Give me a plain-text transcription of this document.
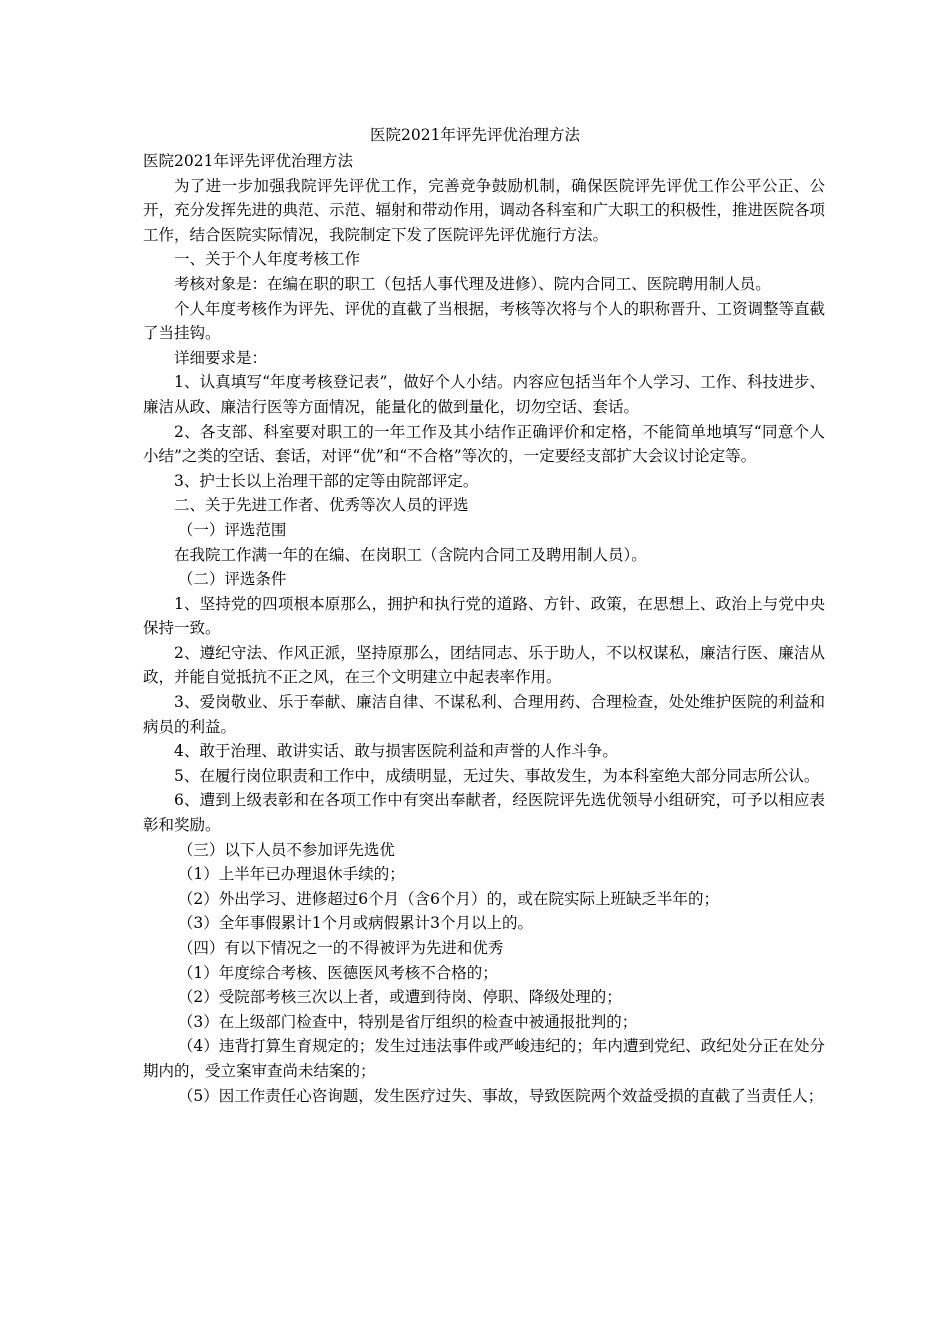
医院2021年评先评优治理方法

医院2021年评先评优治理方法

为了进一步加强我院评先评优工作，完善竞争鼓励机制，确保医院评先评优工作公平公正、公开，充分发挥先进的典范、示范、辐射和带动作用，调动各科室和广大职工的积极性，推进医院各项工作，结合医院实际情况，我院制定下发了医院评先评优施行方法。

一、关于个人年度考核工作

考核对象是：在编在职的职工（包括人事代理及进修）、院内合同工、医院聘用制人员。

个人年度考核作为评先、评优的直截了当根据，考核等次将与个人的职称晋升、工资调整等直截了当挂钩。

详细要求是：

1、认真填写“年度考核登记表”，做好个人小结。内容应包括当年个人学习、工作、科技进步、廉洁从政、廉洁行医等方面情况，能量化的做到量化，切勿空话、套话。

2、各支部、科室要对职工的一年工作及其小结作正确评价和定格，不能简单地填写“同意个人小结”之类的空话、套话，对评“优”和“不合格”等次的，一定要经支部扩大会议讨论定等。

3、护士长以上治理干部的定等由院部评定。

二、关于先进工作者、优秀等次人员的评选

（一）评选范围

在我院工作满一年的在编、在岗职工（含院内合同工及聘用制人员）。

（二）评选条件

1、坚持党的四项根本原那么，拥护和执行党的道路、方针、政策，在思想上、政治上与党中央保持一致。

2、遵纪守法、作风正派，坚持原那么，团结同志、乐于助人，不以权谋私，廉洁行医、廉洁从政，并能自觉抵抗不正之风，在三个文明建立中起表率作用。

3、爱岗敬业、乐于奉献、廉洁自律、不谋私利、合理用药、合理检查，处处维护医院的利益和病员的利益。

4、敢于治理、敢讲实话、敢与损害医院利益和声誉的人作斗争。

5、在履行岗位职责和工作中，成绩明显，无过失、事故发生，为本科室绝大部分同志所公认。

6、遭到上级表彰和在各项工作中有突出奉献者，经医院评先选优领导小组研究，可予以相应表彰和奖励。

（三）以下人员不参加评先选优

（1）上半年已办理退休手续的；

（2）外出学习、进修超过6个月（含6个月）的，或在院实际上班缺乏半年的；

（3）全年事假累计1个月或病假累计3个月以上的。

（四）有以下情况之一的不得被评为先进和优秀

（1）年度综合考核、医德医风考核不合格的；

（2）受院部考核三次以上者，或遭到待岗、停职、降级处理的；

（3）在上级部门检查中，特别是省厅组织的检查中被通报批判的；

（4）违背打算生育规定的；发生过违法事件或严峻违纪的；年内遭到党纪、政纪处分正在处分期内的，受立案审查尚未结案的；

（5）因工作责任心咨询题，发生医疗过失、事故，导致医院两个效益受损的直截了当责任人；
